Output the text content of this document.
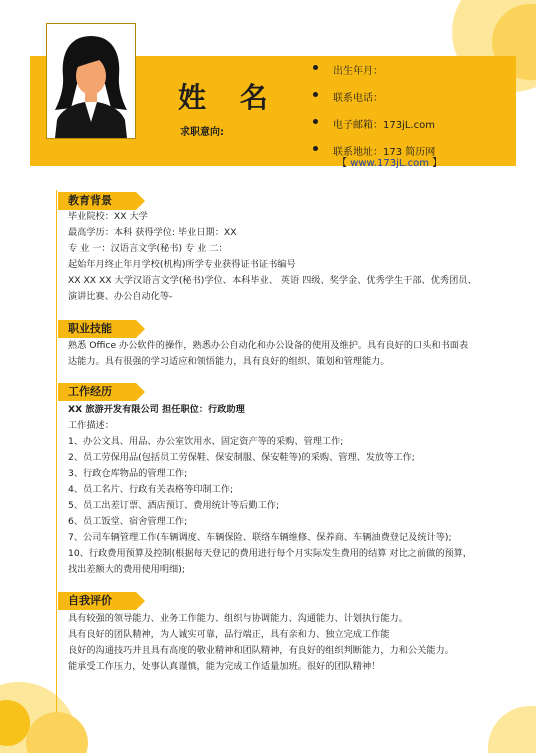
姓 名
求职意向:
出生年月：
联系电话：
电子邮箱：173jL.com
联系地址：173 简历网
【 www.173jL.com 】
教育背景
毕业院校：XX 大学
最高学历：本科 获得学位: 毕业日期：XX
专 业 一：汉语言文学(秘书) 专 业 二：
起始年月终止年月学校(机构)所学专业获得证书证书编号
XX XX XX 大学汉语言文学(秘书)学位、本科毕业、 英语 四级、奖学金、优秀学生干部、优秀团员、
演讲比赛、办公自动化等-
职业技能
熟悉 Office 办公软件的操作，熟悉办公自动化和办公设备的使用及维护。具有良好的口头和书面表
达能力。具有很强的学习适应和领悟能力，具有良好的组织、策划和管理能力。
工作经历
XX 旅游开发有限公司 担任职位：行政助理
工作描述：
1、办公文具、用品、办公室饮用水、固定资产等的采购、管理工作;
2、员工劳保用品(包括员工劳保鞋、保安制服、保安鞋等)的采购、管理、发放等工作;
3、行政仓库物品的管理工作;
4、员工名片、行政有关表格等印制工作;
5、员工出差订票、酒店预订、费用统计等后勤工作;
6、员工饭堂、宿舍管理工作;
7、公司车辆管理工作(车辆调度、车辆保险、联络车辆维修、保养商、车辆油费登记及统计等);
10、行政费用预算及控制(根据每天登记的费用进行每个月实际发生费用的结算 对比之前做的预算，
找出差额大的费用使用明细);
自我评价
具有较强的领导能力、业务工作能力、组织与协调能力、沟通能力、计划执行能力。
具有良好的团队精神，为人诚实可靠，品行端正，具有亲和力、独立完成工作能
良好的沟通技巧并且具有高度的敬业精神和团队精神，有良好的组织判断能力，力和公关能力。
能承受工作压力，处事认真谨慎，能为完成工作适量加班。很好的团队精神！
